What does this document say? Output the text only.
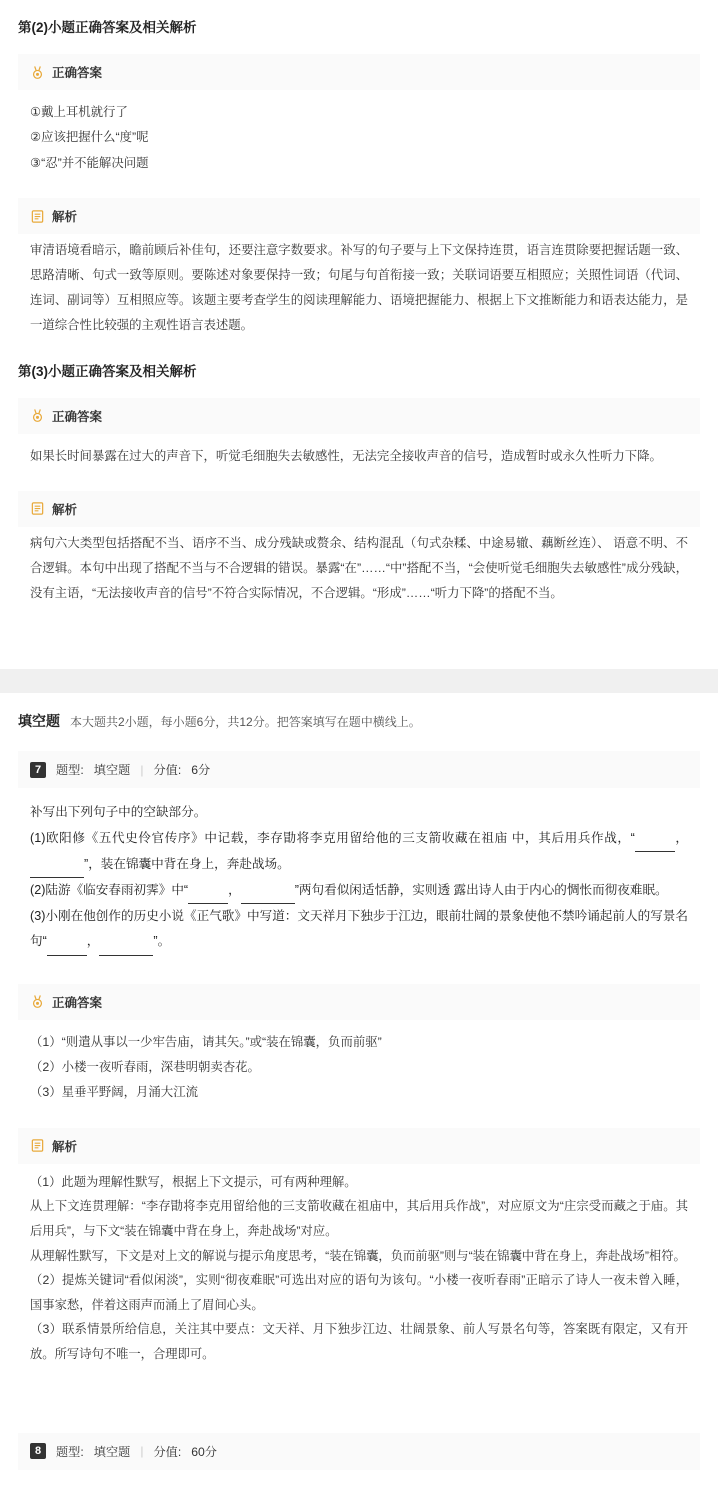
第(2)小题正确答案及相关解析
正确答案
①戴上耳机就行了
②应该把握什么“度”呢
③“忍”并不能解决问题
解析
审清语境看暗示，瞻前顾后补佳句，还要注意字数要求。补写的句子要与上下文保持连贯，语言连贯除要把握话题一致、思路清晰、句式一致等原则。要陈述对象要保持一致；句尾与句首衔接一致；关联词语要互相照应；关照性词语（代词、连词、副词等）互相照应等。该题主要考查学生的阅读理解能力、语境把握能力、根据上下文推断能力和语表达能力，是一道综合性比较强的主观性语言表述题。
第(3)小题正确答案及相关解析
正确答案
如果长时间暴露在过大的声音下，听觉毛细胞失去敏感性，无法完全接收声音的信号，造成暂时或永久性听力下降。
解析
病句六大类型包括搭配不当、语序不当、成分残缺或赘余、结构混乱（句式杂糅、中途易辙、藕断丝连）、 语意不明、不合逻辑。本句中出现了搭配不当与不合逻辑的错误。暴露“在”……“中”搭配不当，“会使听觉毛细胞失去敏感性”成分残缺，没有主语，“无法接收声音的信号”不符合实际情况，不合逻辑。“形成”……“听力下降”的搭配不当。
填空题 本大题共2小题，每小题6分，共12分。把答案填写在题中横线上。
7	题型: 填空题 | 分值: 6分

补写出下列句子中的空缺部分。

(1)欧阳修《五代史伶官传序》中记载，李存勖将李克用留给他的三支箭收藏在祖庙 中，其后用兵作战，“	， ”，装在锦囊中背在身上，奔赴战场。

(2)陆游《临安春雨初霁》中“	，	”两句看似闲适恬静，实则透 露出诗人由于内心的惆怅而彻夜难眠。

(3)小刚在他创作的历史小说《正气歌》中写道：文天祥月下独步于江边，眼前壮阔的景象使他不禁吟诵起前人的写景名句“	，	”。

正确答案
（1）“则遣从事以一少牢告庙，请其矢。”或“装在锦囊，负而前驱”
（2）小楼一夜听春雨，深巷明朝卖杏花。
（3）星垂平野阔，月涌大江流
解析

（1）此题为理解性默写，根据上下文提示，可有两种理解。

从上下文连贯理解：“李存勖将李克用留给他的三支箭收藏在祖庙中，其后用兵作战”，对应原文为“庄宗受而藏之于庙。其后用兵”，与下文“装在锦囊中背在身上，奔赴战场”对应。

从理解性默写，下文是对上文的解说与提示角度思考，“装在锦囊，负而前驱”则与“装在锦囊中背在身上，奔赴战场”相符。

（2）提炼关键词“看似闲淡”，实则“彻夜难眠”可选出对应的语句为该句。“小楼一夜听春雨”正暗示了诗人一夜未曾入睡，国事家愁，伴着这雨声而涌上了眉间心头。

（3）联系情景所给信息，关注其中要点：文天祥、月下独步江边、壮阔景象、前人写景名句等，答案既有限定，又有开放。所写诗句不唯一，合理即可。

8	题型: 填空题 | 分值: 60分
